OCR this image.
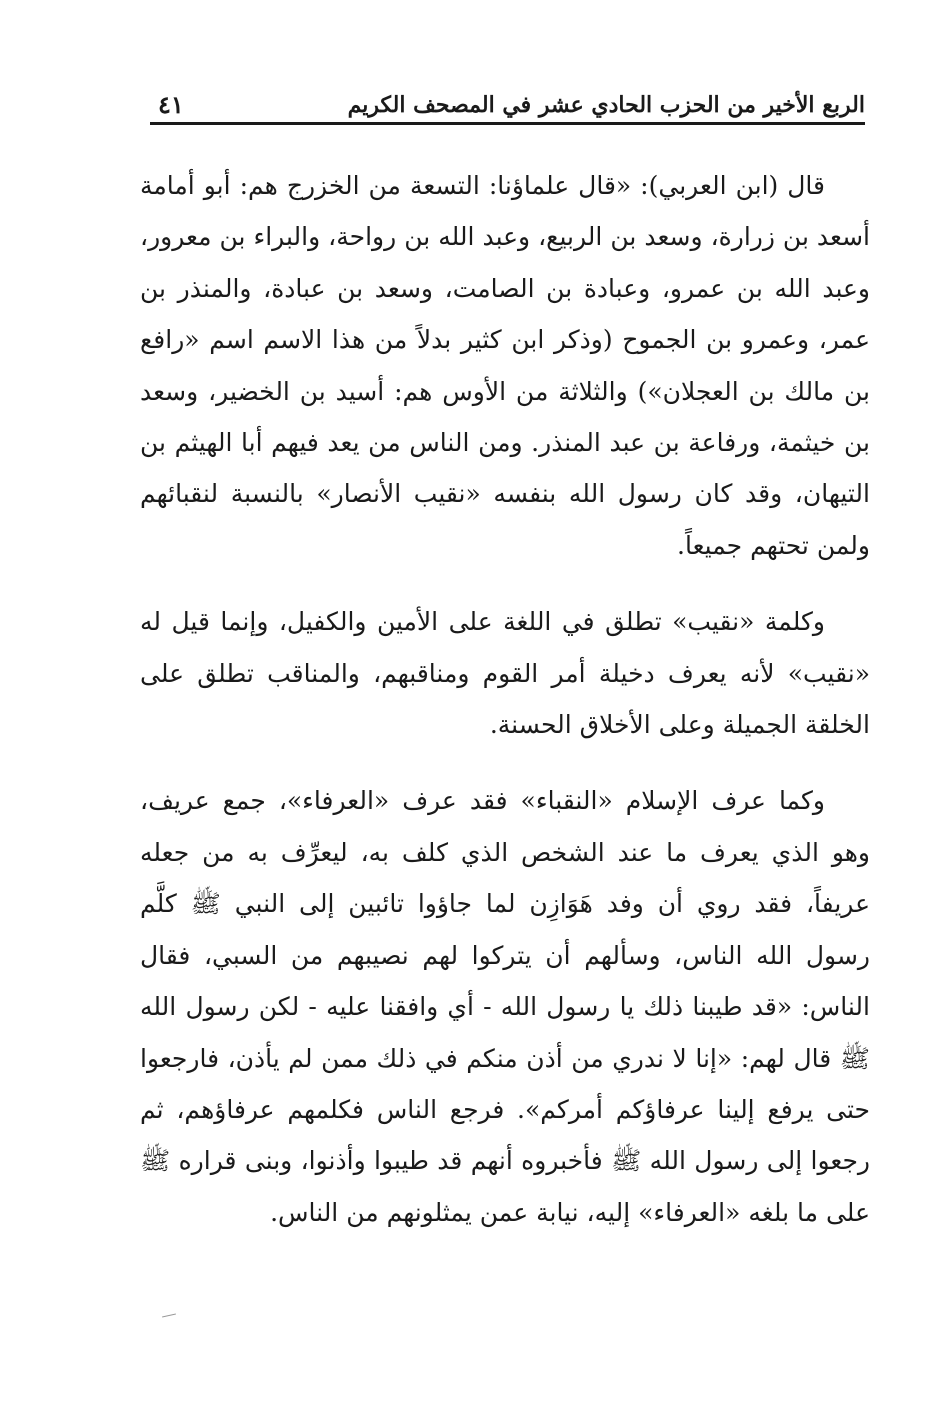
الربع الأخير من الحزب الحادي عشر في المصحف الكريم
٤١

قال (ابن العربي): «قال علماؤنا: التسعة من الخزرج هم: أبو أمامة أسعد بن زرارة، وسعد بن الربيع، وعبد الله بن رواحة، والبراء بن معرور، وعبد الله بن عمرو، وعبادة بن الصامت، وسعد بن عبادة، والمنذر بن عمر، وعمرو بن الجموح (وذكر ابن كثير بدلاً من هذا الاسم اسم «رافع بن مالك بن العجلان») والثلاثة من الأوس هم: أسيد بن الخضير، وسعد بن خيثمة، ورفاعة بن عبد المنذر. ومن الناس من يعد فيهم أبا الهيثم بن التيهان، وقد كان رسول الله بنفسه «نقيب الأنصار» بالنسبة لنقبائهم ولمن تحتهم جميعاً.

وكلمة «نقيب» تطلق في اللغة على الأمين والكفيل، وإنما قيل له «نقيب» لأنه يعرف دخيلة أمر القوم ومناقبهم، والمناقب تطلق على الخلقة الجميلة وعلى الأخلاق الحسنة.

وكما عرف الإسلام «النقباء» فقد عرف «العرفاء»، جمع عريف، وهو الذي يعرف ما عند الشخص الذي كلف به، ليعرِّف به من جعله عريفاً، فقد روي أن وفد هَوَازِن لما جاؤوا تائبين إلى النبي ﷺ كلَّم رسول الله الناس، وسألهم أن يتركوا لهم نصيبهم من السبي، فقال الناس: «قد طيبنا ذلك يا رسول الله - أي وافقنا عليه - لكن رسول الله ﷺ قال لهم: «إنا لا ندري من أذن منكم في ذلك ممن لم يأذن، فارجعوا حتى يرفع إلينا عرفاؤكم أمركم». فرجع الناس فكلمهم عرفاؤهم، ثم رجعوا إلى رسول الله ﷺ فأخبروه أنهم قد طيبوا وأذنوا، وبنى قراره ﷺ على ما بلغه «العرفاء» إليه، نيابة عمن يمثلونهم من الناس.
